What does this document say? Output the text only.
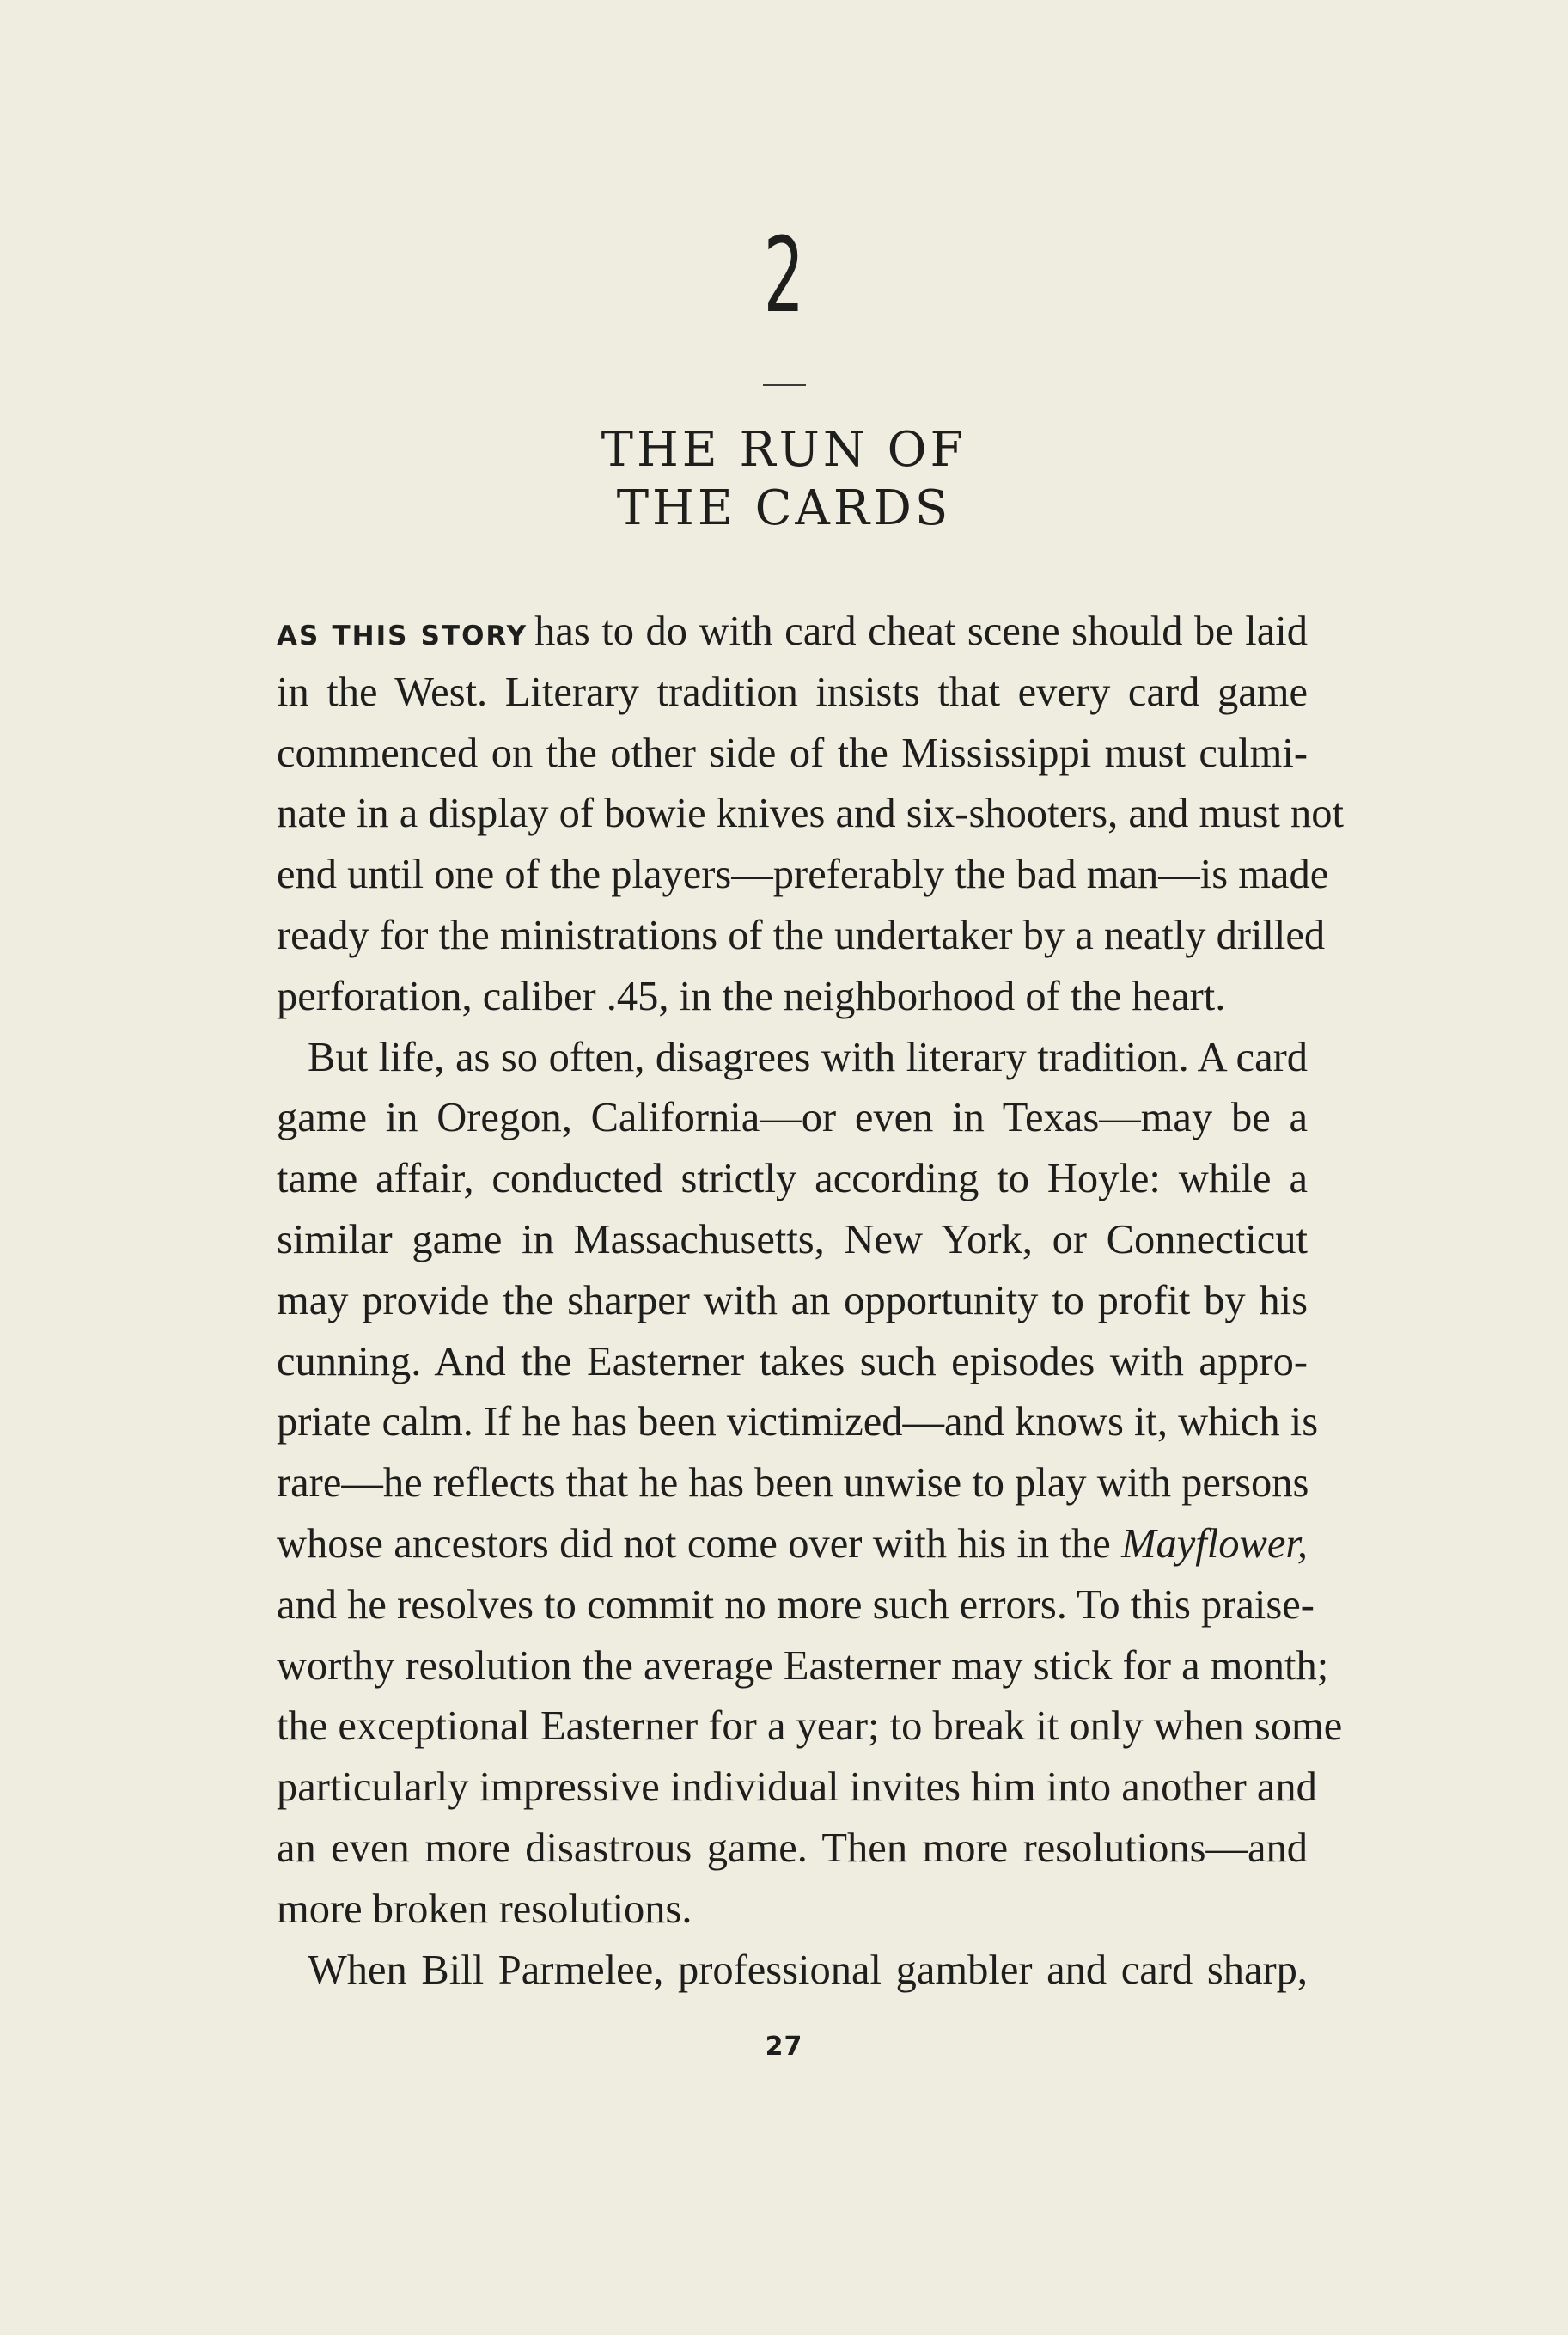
2
THE RUN OF
THE CARDS
AS THIS STORY has to do with card cheat scene should be laid
in the West. Literary tradition insists that every card game
commenced on the other side of the Mississippi must culmi-
nate in a display of bowie knives and six-shooters, and must not
end until one of the players—preferably the bad man—is made
ready for the ministrations of the undertaker by a neatly drilled
perforation, caliber .45, in the neighborhood of the heart.
But life, as so often, disagrees with literary tradition. A card
game in Oregon, California—or even in Texas—may be a
tame affair, conducted strictly according to Hoyle: while a
similar game in Massachusetts, New York, or Connecticut
may provide the sharper with an opportunity to profit by his
cunning. And the Easterner takes such episodes with appro-
priate calm. If he has been victimized—and knows it, which is
rare—he reflects that he has been unwise to play with persons
whose ancestors did not come over with his in the Mayflower,
and he resolves to commit no more such errors. To this praise-
worthy resolution the average Easterner may stick for a month;
the exceptional Easterner for a year; to break it only when some
particularly impressive individual invites him into another and
an even more disastrous game. Then more resolutions—and
more broken resolutions.
When Bill Parmelee, professional gambler and card sharp,
27
